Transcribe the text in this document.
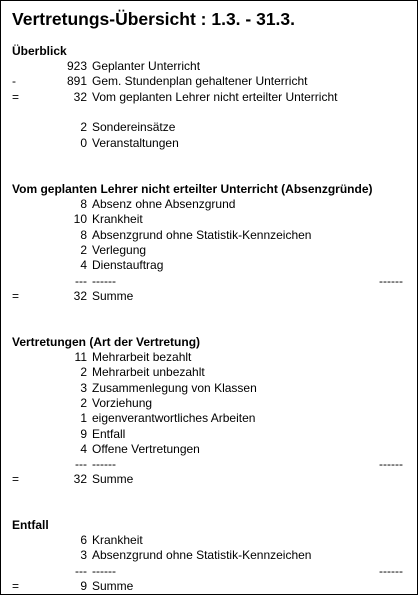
Vertretungs-Übersicht : 1.3. - 31.3.
Überblick
923 Geplanter Unterricht
-	891 Gem. Stundenplan gehaltener Unterricht
=	32 Vom geplanten Lehrer nicht erteilter Unterricht
2 Sondereinsätze
0 Veranstaltungen
Vom geplanten Lehrer nicht erteilter Unterricht (Absenzgründe)
8 Absenz ohne Absenzgrund
10 Krankheit
8 Absenzgrund ohne Statistik-Kennzeichen
2 Verlegung
4 Dienstauftrag
--- ------	------
=	32 Summe
Vertretungen (Art der Vertretung)
11 Mehrarbeit bezahlt
2 Mehrarbeit unbezahlt
3 Zusammenlegung von Klassen
2 Vorziehung
1 eigenverantwortliches Arbeiten
9 Entfall
4 Offene Vertretungen
--- ------	------
=	32 Summe
Entfall
6 Krankheit
3 Absenzgrund ohne Statistik-Kennzeichen
--- ------	------
=	9 Summe
